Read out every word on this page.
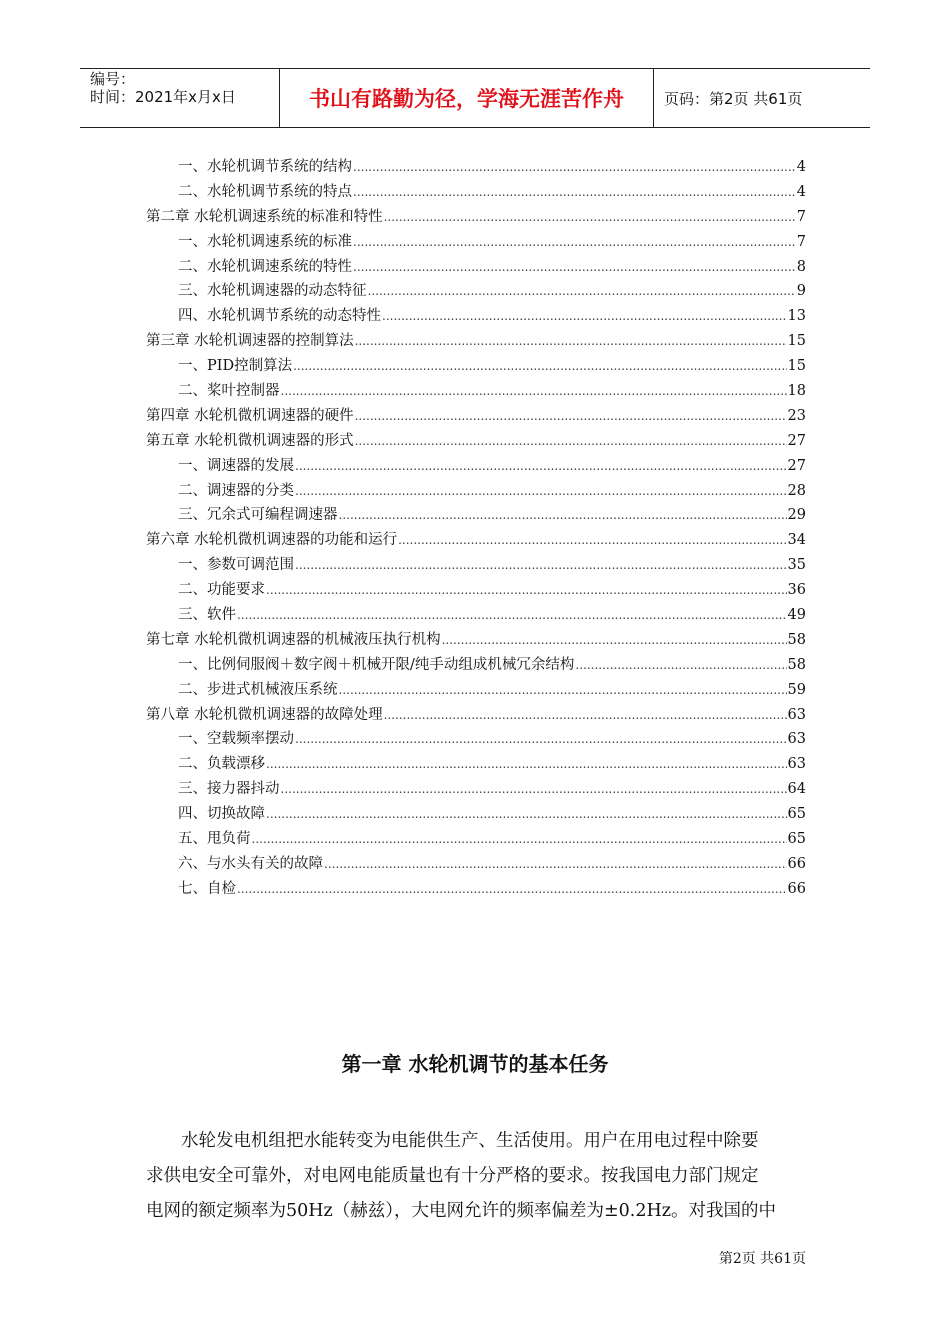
编号：
时间：2021年x月x日	书山有路勤为径，学海无涯苦作舟	页码：第2页 共61页
一、水轮机调节系统的结构 .....	4
二、水轮机调节系统的特点 .....	4
第二章 水轮机调速系统的标准和特性 .....	7
一、水轮机调速系统的标准 .....	7
二、水轮机调速系统的特性 .....	8
三、水轮机调速器的动态特征 .....	9
四、水轮机调节系统的动态特性 .....	13
第三章 水轮机调速器的控制算法 .....	15
一、PID控制算法 .....	15
二、桨叶控制器 .....	18
第四章 水轮机微机调速器的硬件 .....	23
第五章 水轮机微机调速器的形式 .....	27
一、调速器的发展 .....	27
二、调速器的分类 .....	28
三、冗余式可编程调速器 .....	29
第六章 水轮机微机调速器的功能和运行 .....	34
一、参数可调范围 .....	35
二、功能要求 .....	36
三、软件 .....	49
第七章 水轮机微机调速器的机械液压执行机构 .....	58
一、比例伺服阀＋数字阀＋机械开限/纯手动组成机械冗余结构 .....	58
二、步进式机械液压系统 .....	59
第八章 水轮机微机调速器的故障处理 .....	63
一、空载频率摆动 .....	63
二、负载漂移 .....	63
三、接力器抖动 .....	64
四、切换故障 .....	65
五、甩负荷 .....	65
六、与水头有关的故障 .....	66
七、自检 .....	66
第一章 水轮机调节的基本任务
　　水轮发电机组把水能转变为电能供生产、生活使用。用户在用电过程中除要
求供电安全可靠外，对电网电能质量也有十分严格的要求。按我国电力部门规定
电网的额定频率为50Hz（赫兹），大电网允许的频率偏差为±0.2Hz。对我国的中
第2页 共61页
